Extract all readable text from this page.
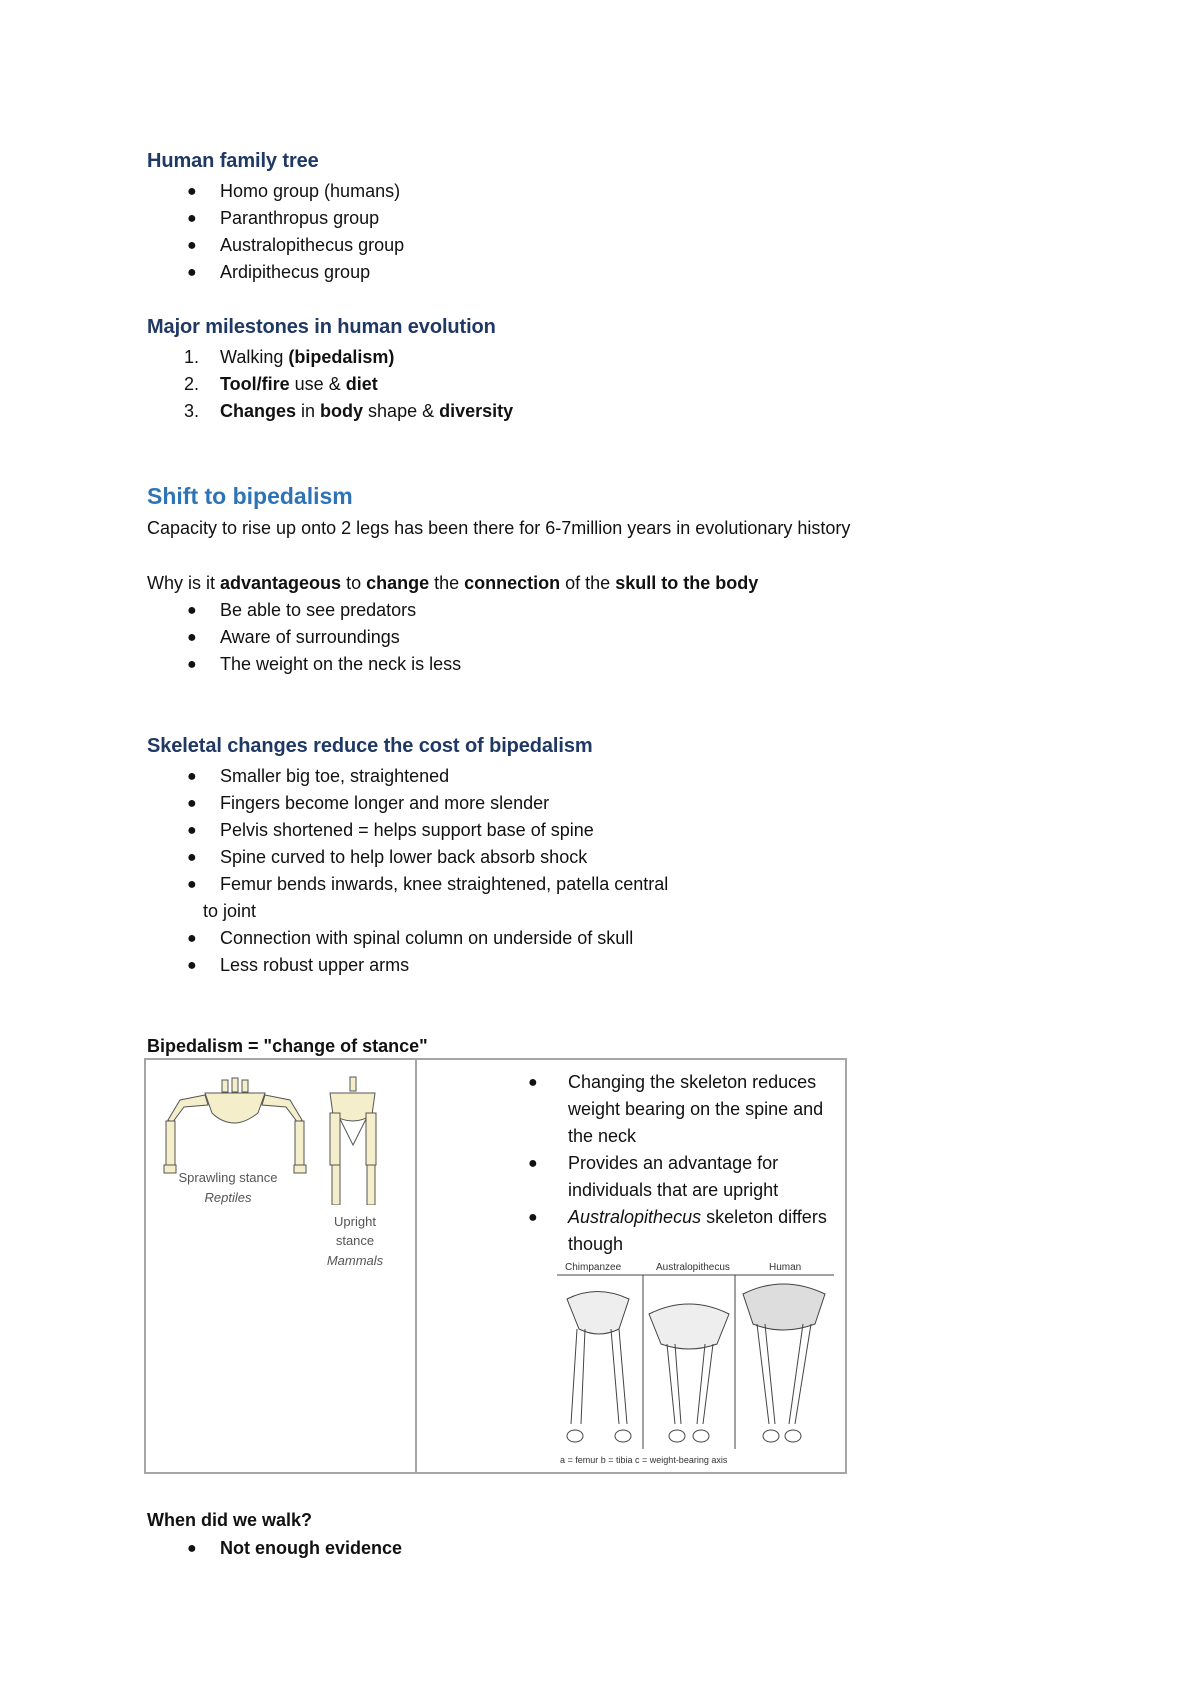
Human family tree
● Homo group (humans)
● Paranthropus group
● Australopithecus group
● Ardipithecus group
Major milestones in human evolution
1. Walking (bipedalism)
2. Tool/fire use & diet
3. Changes in body shape & diversity
Shift to bipedalism
Capacity to rise up onto 2 legs has been there for 6-7million years in evolutionary history
Why is it advantageous to change the connection of the skull to the body
● Be able to see predators
● Aware of surroundings
● The weight on the neck is less
Skeletal changes reduce the cost of bipedalism
● Smaller big toe, straightened
● Fingers become longer and more slender
● Pelvis shortened = helps support base of spine
● Spine curved to help lower back absorb shock
● Femur bends inwards, knee straightened, patella central to joint
● Connection with spinal column on underside of skull
● Less robust upper arms
Bipedalism = "change of stance"
Sprawling stance
Reptiles
Upright
stance
Mammals
● Changing the skeleton reduces weight bearing on the spine and the neck
● Provides an advantage for individuals that are upright
● Australopithecus skeleton differs though
Chimpanzee	Australopithecus	Human
a = femur b = tibia c = weight-bearing axis
When did we walk?
● Not enough evidence
